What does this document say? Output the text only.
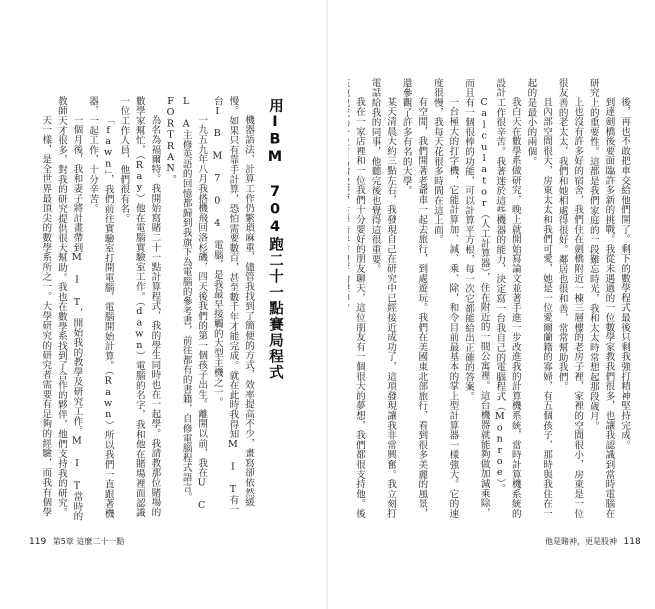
用IBM 704跑二十一點賽局程式

機器語法、計算工作仍繁瑣麻重，儘管我找到了簡便的方式，效率提高不少，畫寫卻依然緩慢。如果只有靠手計算，恐怕需要數百，甚至數千年才能完成。就在此時我得知M I T有一台I B M 7 0 4 電腦，是我最早接觸的大型主機之一。

一九五九年八月我搭機飛回洛杉磯，四天後我們的第一個孩子出生。離開以前，我在U C L A主修英語的回憶都歸到我旗下為電腦的參考書，前往都有的書籍，自修電腦程式語言。FORTRAN。

為名為福爾特。我開始寫賭二十一點計算程式，我的學生同時也在一起學。我請教那位賭場的數學家幫忙，（Ray）他在電腦實驗室工作。（dawn）電腦的名字，我和他在賭場裡面認識一位工作人員，他們很有名。

「fawn」，我們前往實驗室打開電腦，電腦開始計算。（Rawn）所以我們一直跟著機器，一起工作，十分辛苦。

一個月後，我和妻子將計畫帶到M I T，開始我的教學及研究工作。M I T當時的教師天才很多，對我的研究提供很大幫助。我也在數學系找到了合作的夥伴，他們支持我的研究。

天一樣，是全世界最頂尖的數學系所之一。大學研究的研究者需要有足夠的經驗，而我有個學

119 第5章 這麼二十一點

後，再也不敢把車交給他們開了。剩下的數學程式最後只剩我強打精神堅持完成。

到達劍橋後要面臨許多新的挑戰。我從未遇過的一位數學家教我們很多，也讓我認識到當時電腦在研究上的重要性。這都是我們家庭的一段難忘時光，我和太太時常想起那段歲月。

上也沒有許多好的宿舍，我們住在劍橋附近一棟三層樓的老房子裡，家裡的空間很小，房東是一位很友善的老太太，我們和她相處得很好。鄰居也很和善，常常幫助我們。

且內部空間很大，房東太太和我們可愛，她是一位愛爾蘭籍的寡婦，有五個孩子，那時與我住在一起的是最小的兩個。

我白天在數學系做研究，晚上就開始寫論文並著手進一步改進我的計算機系統，當時計算機系統的設計工作很辛苦。我著迷於這些機器的能力，決定寫一台我自己的電腦程式（Monroe）。

Calculator（人工計算器），住在附近的一間公寓裡。這台機器就能夠做加減乘除，而且有一個很棒的功能，可以計算平方根，每一次它都能給出正確的答案。

一台極大的打字機，它能計算加、減、乘、除，和令目前最基本的掌上型計算器一樣強大。它的速度很慢，我每天花很多時間在這上面。

有空閒，我們開著老爺車一起去旅行，到處遊玩。我們在美國東北部旅行，看到很多美麗的風景，還參觀了許多有名的大學。

某天清晨大約三點左右，我發現自己在研究中已經接近成功了，這項發現讓我非常興奮。我立刻打電話給我的同事，他聽完後也覺得這很重要。

我在一家店裡和一位我們十分要好的朋友聊天，這位朋友有一個很大的夢想，我們都很支持他。後

他是賭神，更是股神 118
